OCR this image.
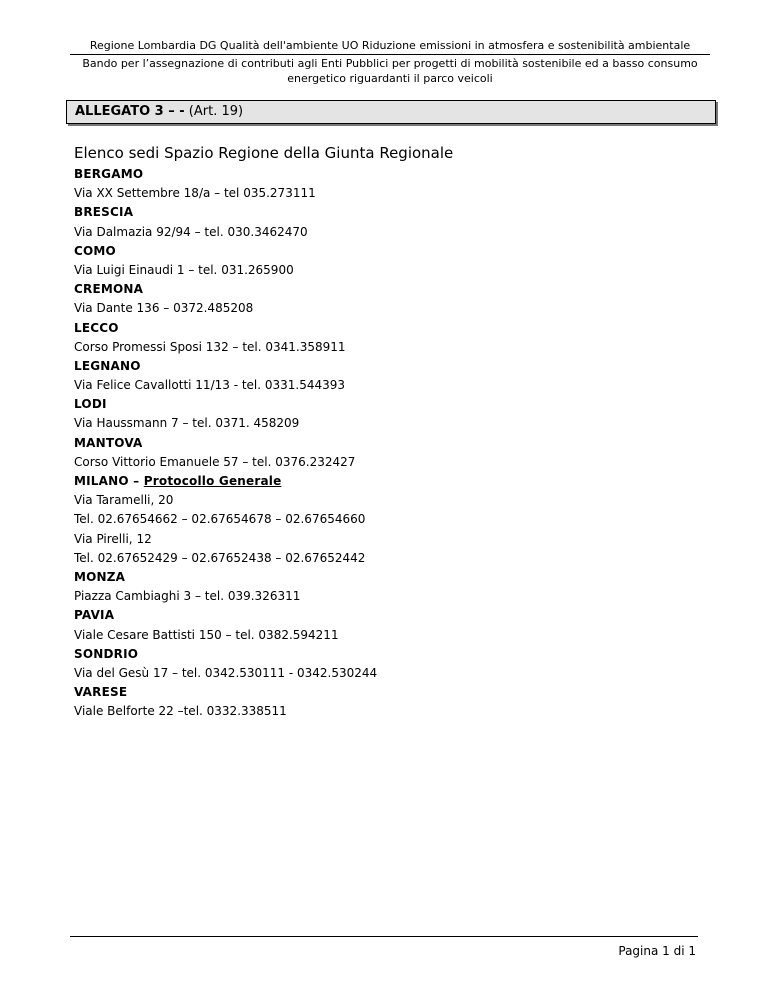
Regione Lombardia DG Qualità dell'ambiente UO Riduzione emissioni in atmosfera e sostenibilità ambientale
Bando per l’assegnazione di contributi agli Enti Pubblici per progetti di mobilità sostenibile ed a basso consumo energetico riguardanti il parco veicoli
ALLEGATO 3 – - (Art. 19)
Elenco sedi Spazio Regione della Giunta Regionale
BERGAMO
Via XX Settembre 18/a – tel 035.273111
BRESCIA
Via Dalmazia 92/94 – tel. 030.3462470
COMO
Via Luigi Einaudi 1 – tel. 031.265900
CREMONA
Via Dante 136 – 0372.485208
LECCO
Corso Promessi Sposi 132 – tel. 0341.358911
LEGNANO
Via Felice Cavallotti 11/13 - tel. 0331.544393
LODI
Via Haussmann 7 – tel. 0371. 458209
MANTOVA
Corso Vittorio Emanuele 57 – tel. 0376.232427
MILANO – Protocollo Generale
Via Taramelli, 20
Tel. 02.67654662 – 02.67654678 – 02.67654660
Via Pirelli, 12
Tel. 02.67652429 – 02.67652438 – 02.67652442
MONZA
Piazza Cambiaghi 3 – tel. 039.326311
PAVIA
Viale Cesare Battisti 150 – tel. 0382.594211
SONDRIO
Via del Gesù 17 – tel. 0342.530111 - 0342.530244
VARESE
Viale Belforte 22 –tel. 0332.338511
Pagina 1 di 1
